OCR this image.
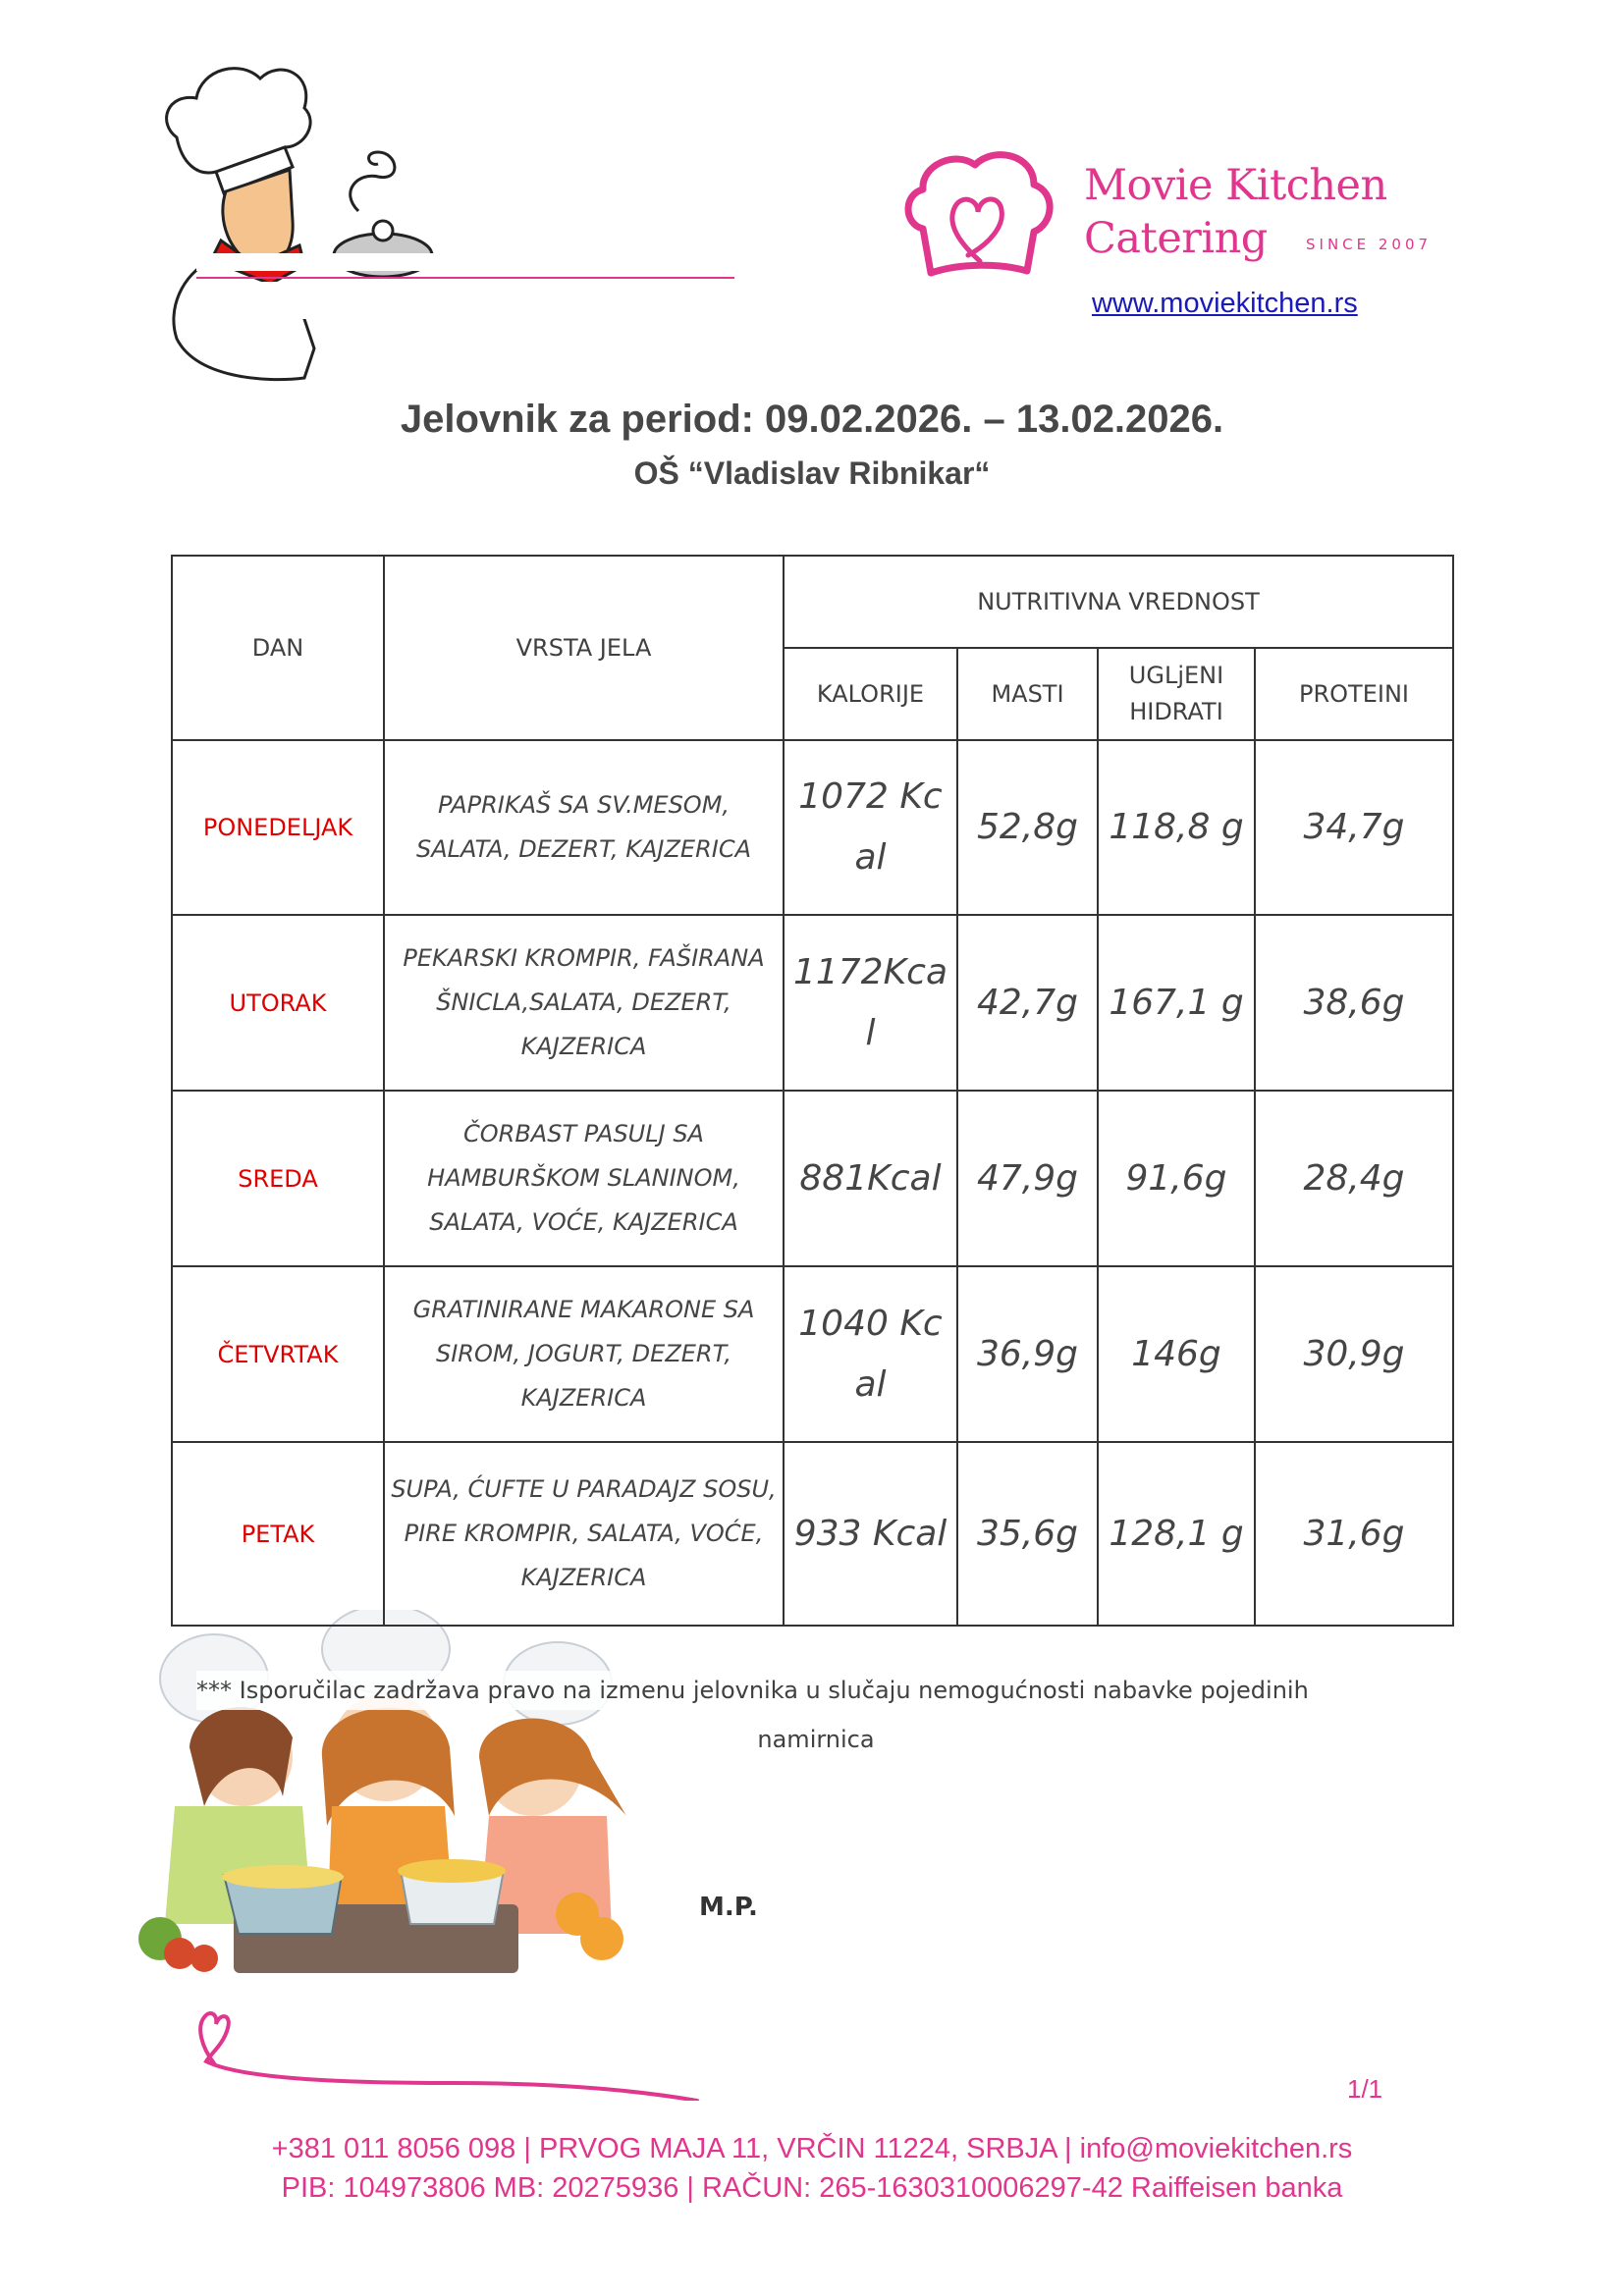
Movie Kitchen
Catering	SINCE 2007
www.moviekitchen.rs
Jelovnik za period: 09.02.2026. – 13.02.2026.
OŠ “Vladislav Ribnikar“
DAN	VRSTA JELA	NUTRITIVNA VREDNOST			
		KALORIJE	MASTI	UGLjENI HIDRATI	PROTEINI
PONEDELJAK	PAPRIKAŠ SA SV.MESOM, SALATA, DEZERT, KAJZERICA	1072 Kcal	52,8g	118,8 g	34,7g
UTORAK	PEKARSKI KROMPIR, FAŠIRANA ŠNICLA,SALATA, DEZERT, KAJZERICA	1172Kcal	42,7g	167,1 g	38,6g
SREDA	ČORBAST PASULJ SA HAMBURŠKOM SLANINOM, SALATA, VOĆE, KAJZERICA	881Kcal	47,9g	91,6g	28,4g
ČETVRTAK	GRATINIRANE MAKARONE SA SIROM, JOGURT, DEZERT, KAJZERICA	1040 Kcal	36,9g	146g	30,9g
PETAK	SUPA, ĆUFTE U PARADAJZ SOSU, PIRE KROMPIR, SALATA, VOĆE, KAJZERICA	933 Kcal	35,6g	128,1 g	31,6g
*** Isporučilac zadržava pravo na izmenu jelovnika u slučaju nemogućnosti nabavke pojedinih
namirnica
M.P.
1/1
+381 011 8056 098 | PRVOG MAJA 11, VRČIN 11224, SRBJA | info@moviekitchen.rs
PIB: 104973806 MB: 20275936 | RAČUN: 265-1630310006297-42 Raiffeisen banka
